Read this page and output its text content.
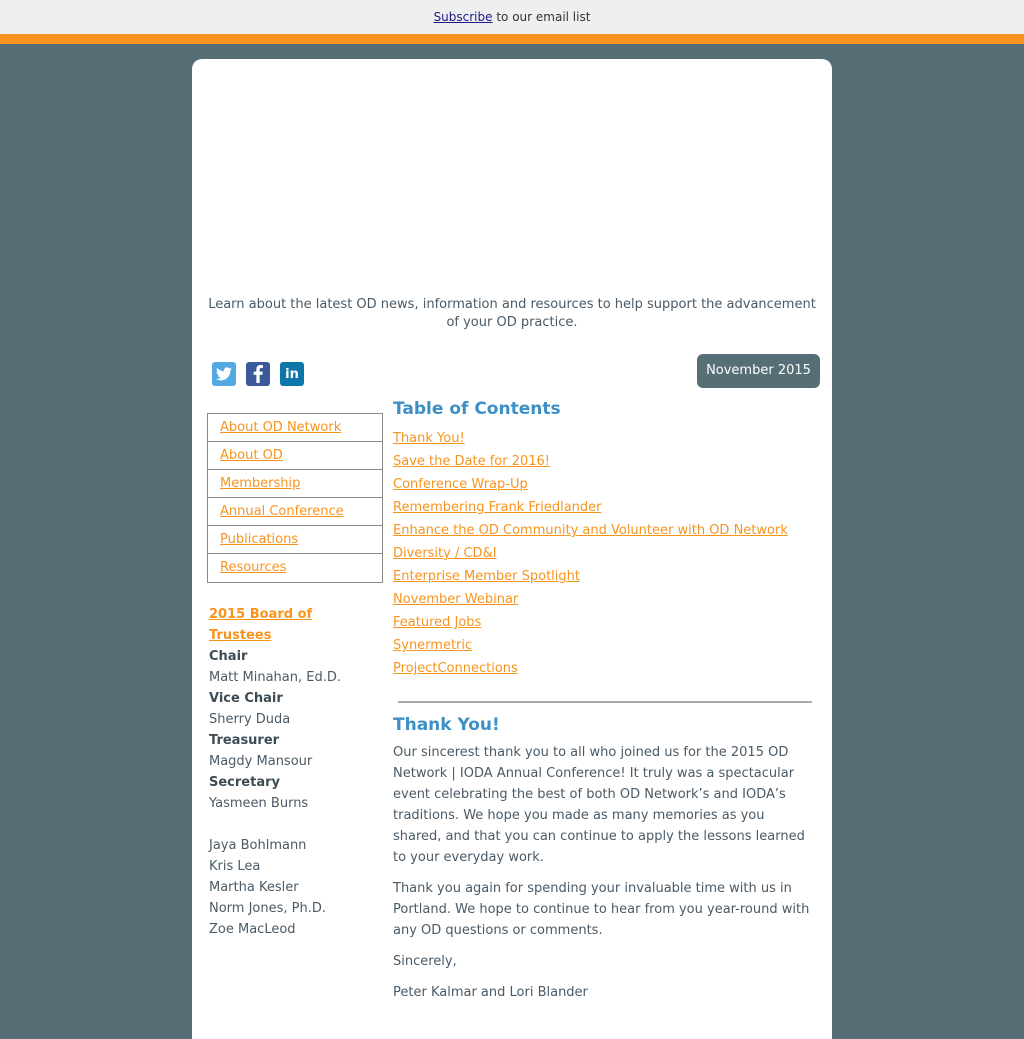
Subscribe to our email list
Learn about the latest OD news, information and resources to help support the advancement of your OD practice.
in	November 2015
About OD Network
About OD
Membership
Annual Conference
Publications
Resources
2015 Board of Trustees
Chair
Matt Minahan, Ed.D.
Vice Chair
Sherry Duda
Treasurer
Magdy Mansour
Secretary
Yasmeen Burns
Jaya Bohlmann
Kris Lea
Martha Kesler
Norm Jones, Ph.D.
Zoe MacLeod
Table of Contents
Thank You!
Save the Date for 2016!
Conference Wrap-Up
Remembering Frank Friedlander
Enhance the OD Community and Volunteer with OD Network
Diversity / CD&I
Enterprise Member Spotlight
November Webinar
Featured Jobs
Synermetric
ProjectConnections
Thank You!

Our sincerest thank you to all who joined us for the 2015 OD Network | IODA Annual Conference! It truly was a spectacular event celebrating the best of both OD Network’s and IODA’s traditions. We hope you made as many memories as you shared, and that you can continue to apply the lessons learned to your everyday work.

Thank you again for spending your invaluable time with us in Portland. We hope to continue to hear from you year-round with any OD questions or comments.

Sincerely,

Peter Kalmar and Lori Blander
